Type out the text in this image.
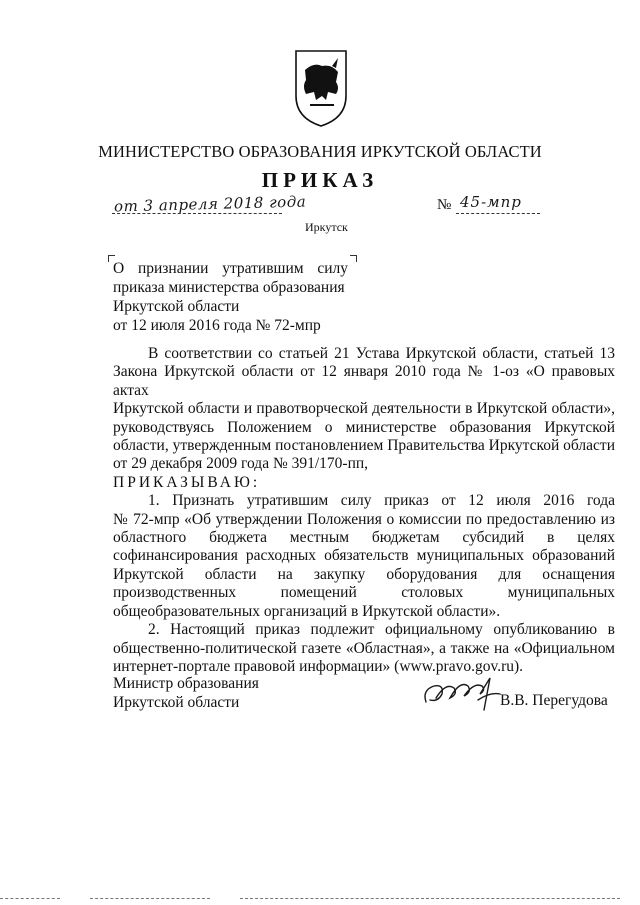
МИНИСТЕРСТВО ОБРАЗОВАНИЯ ИРКУТСКОЙ ОБЛАСТИ
ПРИКАЗ
от 3 апреля 2018 года	№ 45-мпр
Иркутск
О признании утратившим силу
приказа министерства образования
Иркутской области
от 12 июля 2016 года № 72-мпр

В соответствии со статьей 21 Устава Иркутской области, статьей 13

Закона Иркутской области от 12 января 2010 года № 1-оз «О правовых актах

Иркутской области и правотворческой деятельности в Иркутской области»,

руководствуясь Положением о министерстве образования Иркутской

области, утвержденным постановлением Правительства Иркутской области

от 29 декабря 2009 года № 391/170-пп,

ПРИКАЗЫВАЮ:

1. Признать утратившим силу приказ от 12 июля 2016 года

№ 72-мпр «Об утверждении Положения о комиссии по предоставлению из

областного бюджета местным бюджетам субсидий в целях

софинансирования расходных обязательств муниципальных образований

Иркутской области на закупку оборудования для оснащения

производственных помещений столовых муниципальных

общеобразовательных организаций в Иркутской области».

2. Настоящий приказ подлежит официальному опубликованию в

общественно-политической газете «Областная», а также на «Официальном

интернет-портале правовой информации» (www.pravo.gov.ru).

Министр образования
Иркутской области	В.В. Перегудова
